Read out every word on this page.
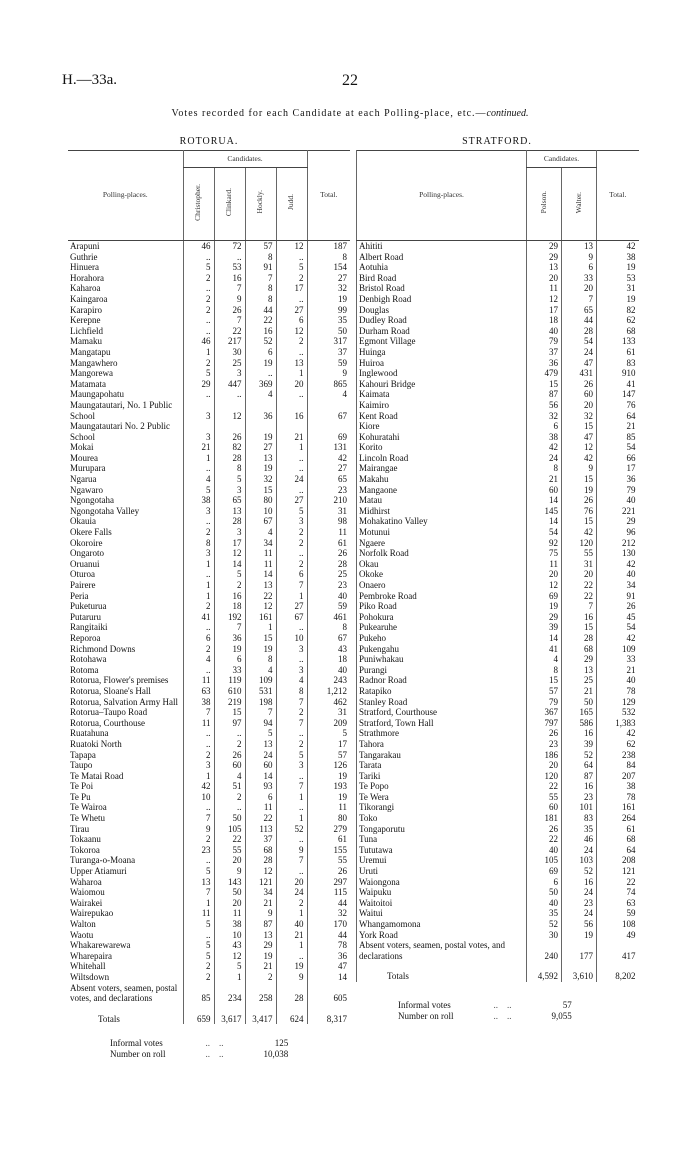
H.—33a.	22
Votes recorded for each Candidate at each Polling-place, etc.—continued.
ROTORUA.
Polling-places.	Candidates.				Total.
	Christopher.	Clinkard.	Hockly.	Judd.	
Arapuni	46	72	57	12	187
Guthrie	..	..	8	..	8
Hinuera	5	53	91	5	154
Horahora	2	16	7	2	27
Kaharoa	..	7	8	17	32
Kaingaroa	2	9	8	..	19
Karapiro	2	26	44	27	99
Kerepne	..	7	22	6	35
Lichfield	..	22	16	12	50
Mamaku	46	217	52	2	317
Mangatapu	1	30	6	..	37
Mangawhero	2	25	19	13	59
Mangorewa	5	3	..	1	9
Matamata	29	447	369	20	865
Maungapohatu	..	..	4	..	4
Maungatautari, No. 1 Public School	3	12	36	16	67
Maungatautari No. 2 Public School	3	26	19	21	69
Mokai	21	82	27	1	131
Mourea	1	28	13	..	42
Murupara	..	8	19	..	27
Ngarua	4	5	32	24	65
Ngawaro	5	3	15	..	23
Ngongotaha	38	65	80	27	210
Ngongotaha Valley	3	13	10	5	31
Okauia	..	28	67	3	98
Okere Falls	2	3	4	2	11
Okoroire	8	17	34	2	61
Ongaroto	3	12	11	..	26
Oruanui	1	14	11	2	28
Oturoa	..	5	14	6	25
Pairere	1	2	13	7	23
Peria	1	16	22	1	40
Puketurua	2	18	12	27	59
Putaruru	41	192	161	67	461
Rangitaiki	..	7	1	..	8
Reporoa	6	36	15	10	67
Richmond Downs	2	19	19	3	43
Rotohawa	4	6	8	..	18
Rotoma	..	33	4	3	40
Rotorua, Flower's premises	11	119	109	4	243
Rotorua, Sloane's Hall	63	610	531	8	1,212
Rotorua, Salvation Army Hall	38	219	198	7	462
Rotorua–Taupo Road	7	15	7	2	31
Rotorua, Courthouse	11	97	94	7	209
Ruatahuna	..	..	5	..	5
Ruatoki North	..	2	13	2	17
Tapapa	2	26	24	5	57
Taupo	3	60	60	3	126
Te Matai Road	1	4	14	..	19
Te Poi	42	51	93	7	193
Te Pu	10	2	6	1	19
Te Wairoa	..	..	11	..	11
Te Whetu	7	50	22	1	80
Tirau	9	105	113	52	279
Tokaanu	2	22	37	..	61
Tokoroa	23	55	68	9	155
Turanga-o-Moana	..	20	28	7	55
Upper Atiamuri	5	9	12	..	26
Waharoa	13	143	121	20	297
Waiomou	7	50	34	24	115
Wairakei	1	20	21	2	44
Wairepukao	11	11	9	1	32
Walton	5	38	87	40	170
Waotu	..	10	13	21	44
Whakarewarewa	5	43	29	1	78
Wharepaira	5	12	19	..	36
Whitehall	2	5	21	19	47
Wiltsdown	2	1	2	9	14
Absent voters, seamen, postal votes, and declarations	85	234	258	28	605
Totals	659	3,617	3,417	624	8,317
Informal votes	..    ..	125
Number on roll	..    ..	10,038
STRATFORD.
Polling-places.	Candidates.		Total.
	Polson.	Walter.	
Ahititi	29	13	42
Albert Road	29	9	38
Aotuhia	13	6	19
Bird Road	20	33	53
Bristol Road	11	20	31
Denbigh Road	12	7	19
Douglas	17	65	82
Dudley Road	18	44	62
Durham Road	40	28	68
Egmont Village	79	54	133
Huinga	37	24	61
Huiroa	36	47	83
Inglewood	479	431	910
Kahouri Bridge	15	26	41
Kaimata	87	60	147
Kaimiro	56	20	76
Kent Road	32	32	64
Kiore	6	15	21
Kohuratahi	38	47	85
Korito	42	12	54
Lincoln Road	24	42	66
Mairangae	8	9	17
Makahu	21	15	36
Mangaone	60	19	79
Matau	14	26	40
Midhirst	145	76	221
Mohakatino Valley	14	15	29
Motunui	54	42	96
Ngaere	92	120	212
Norfolk Road	75	55	130
Okau	11	31	42
Okoke	20	20	40
Onaero	12	22	34
Pembroke Road	69	22	91
Piko Road	19	7	26
Pohokura	29	16	45
Pukearuhe	39	15	54
Pukeho	14	28	42
Pukengahu	41	68	109
Puniwhakau	4	29	33
Purangi	8	13	21
Radnor Road	15	25	40
Ratapiko	57	21	78
Stanley Road	79	50	129
Stratford, Courthouse	367	165	532
Stratford, Town Hall	797	586	1,383
Strathmore	26	16	42
Tahora	23	39	62
Tangarakau	186	52	238
Tarata	20	64	84
Tariki	120	87	207
Te Popo	22	16	38
Te Wera	55	23	78
Tikorangi	60	101	161
Toko	181	83	264
Tongaporutu	26	35	61
Tuna	22	46	68
Tututawa	40	24	64
Uremui	105	103	208
Uruti	69	52	121
Waiongona	6	16	22
Waipuku	50	24	74
Waitoitoi	40	23	63
Waitui	35	24	59
Whangamomona	52	56	108
York Road	30	19	49
Absent voters, seamen, postal votes, and declarations	240	177	417
Totals	4,592	3,610	8,202
Informal votes	..    ..	57
Number on roll	..    ..	9,055
